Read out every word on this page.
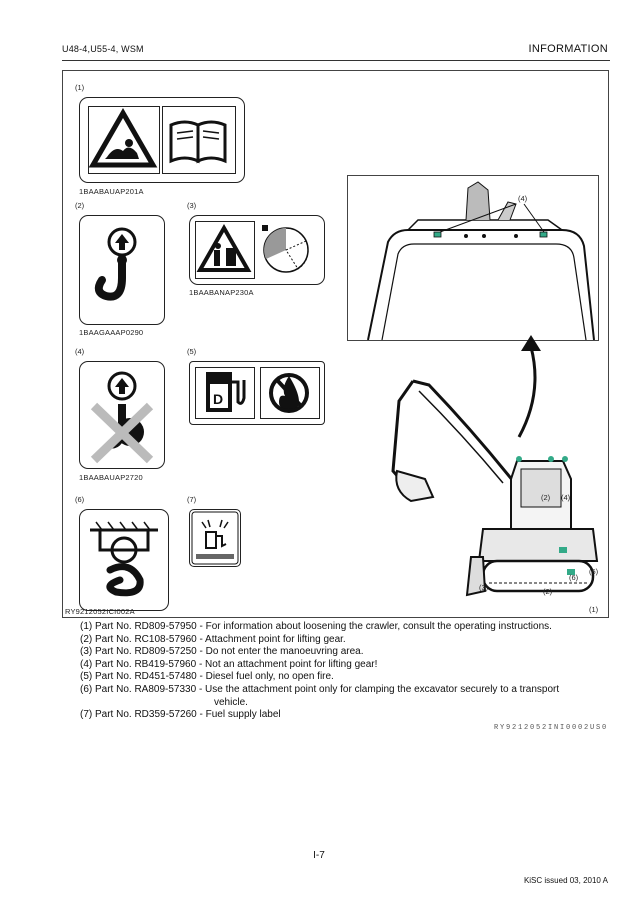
U48-4,U55-4, WSM	INFORMATION
(1)
1BAABAUAP201A
(2)
1BAAGAAAP0290
(3)
1BAABANAP230A
(4)
1BAABAUAP2720
(5)
D
(6)	(7)
(4)
(2) (4)
(3)
(5)
(1)
(6)
(2)
RY9212052ICI002A
(1) Part No. RD809-57950 - For information about loosening the crawler, consult the operating instructions.
(2) Part No. RC108-57960 - Attachment point for lifting gear.
(3) Part No. RD809-57250 - Do not enter the manoeuvring area.
(4) Part No. RB419-57960 - Not an attachment point for lifting gear!
(5) Part No. RD451-57480 - Diesel fuel only, no open fire.
(6) Part No. RA809-57330 - Use the attachment point only for clamping the excavator securely to a transport
vehicle.
(7) Part No. RD359-57260 - Fuel supply label
RY9212052INI0002US0
I-7
KiSC issued 03, 2010 A
